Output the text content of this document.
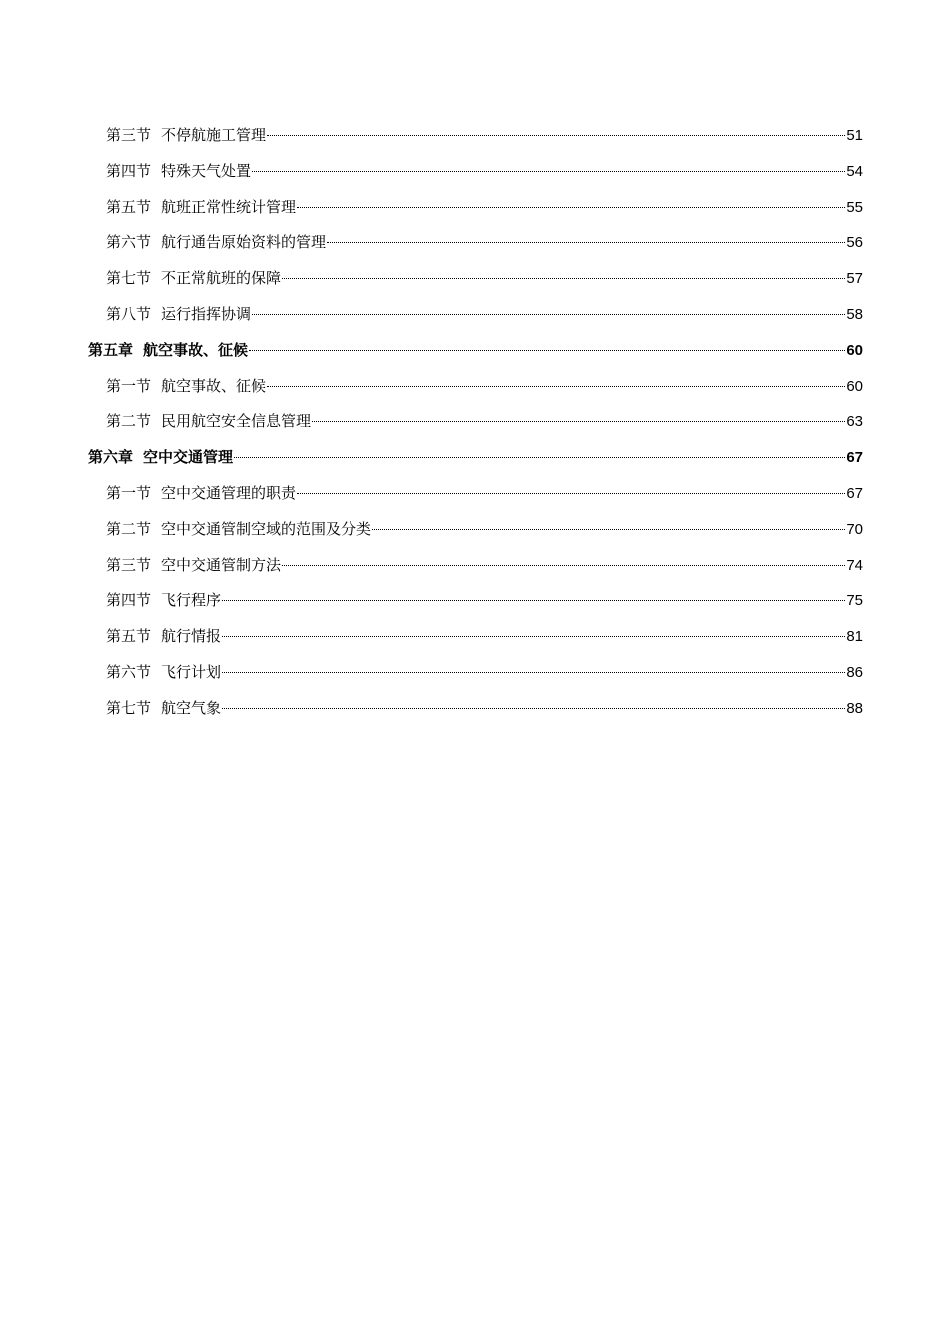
第三节 不停航施工管理	51
第四节 特殊天气处置	54
第五节 航班正常性统计管理	55
第六节 航行通告原始资料的管理	56
第七节 不正常航班的保障	57
第八节 运行指挥协调	58
第五章 航空事故、征候	60
第一节 航空事故、征候	60
第二节 民用航空安全信息管理	63
第六章 空中交通管理	67
第一节 空中交通管理的职责	67
第二节 空中交通管制空域的范围及分类	70
第三节 空中交通管制方法	74
第四节 飞行程序	75
第五节 航行情报	81
第六节 飞行计划	86
第七节 航空气象	88
